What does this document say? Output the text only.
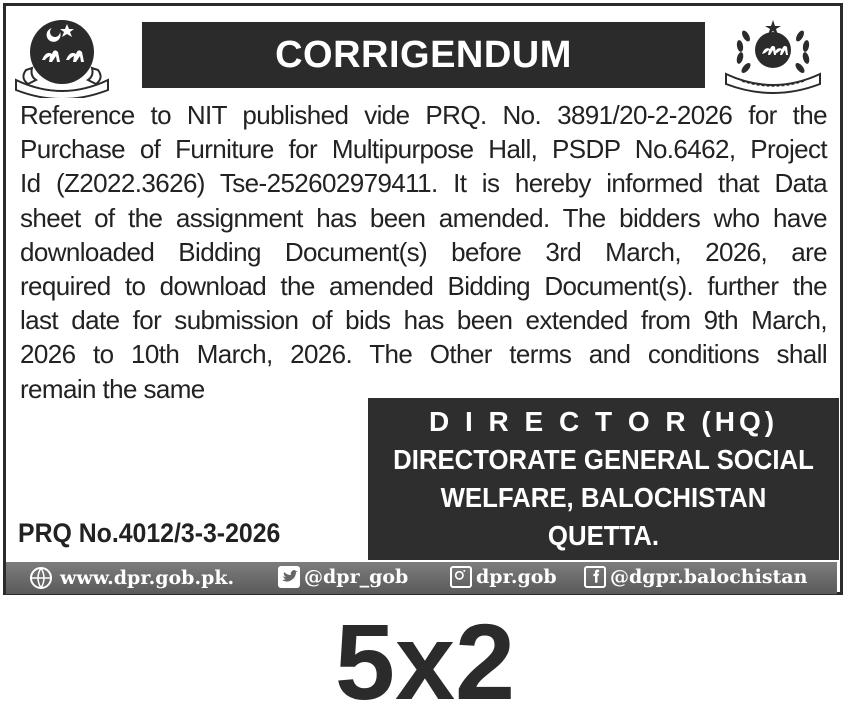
CORRIGENDUM
Reference to NIT published vide PRQ. No. 3891/20-2-2026 for the
Purchase of Furniture for Multipurpose Hall, PSDP No.6462, Project
Id (Z2022.3626) Tse-252602979411. It is hereby informed that Data
sheet of the assignment has been amended. The bidders who have
downloaded Bidding Document(s) before 3rd March, 2026, are
required to download the amended Bidding Document(s). further the
last date for submission of bids has been extended from 9th March,
2026 to 10th March, 2026. The Other terms and conditions shall
remain the same
D I R E C T O R (HQ)
DIRECTORATE GENERAL SOCIAL
WELFARE, BALOCHISTAN
QUETTA.
PRQ No.4012/3-3-2026
www.dpr.gob.pk.	@dpr_gob	dpr.gob	@dgpr.balochistan
5x2
